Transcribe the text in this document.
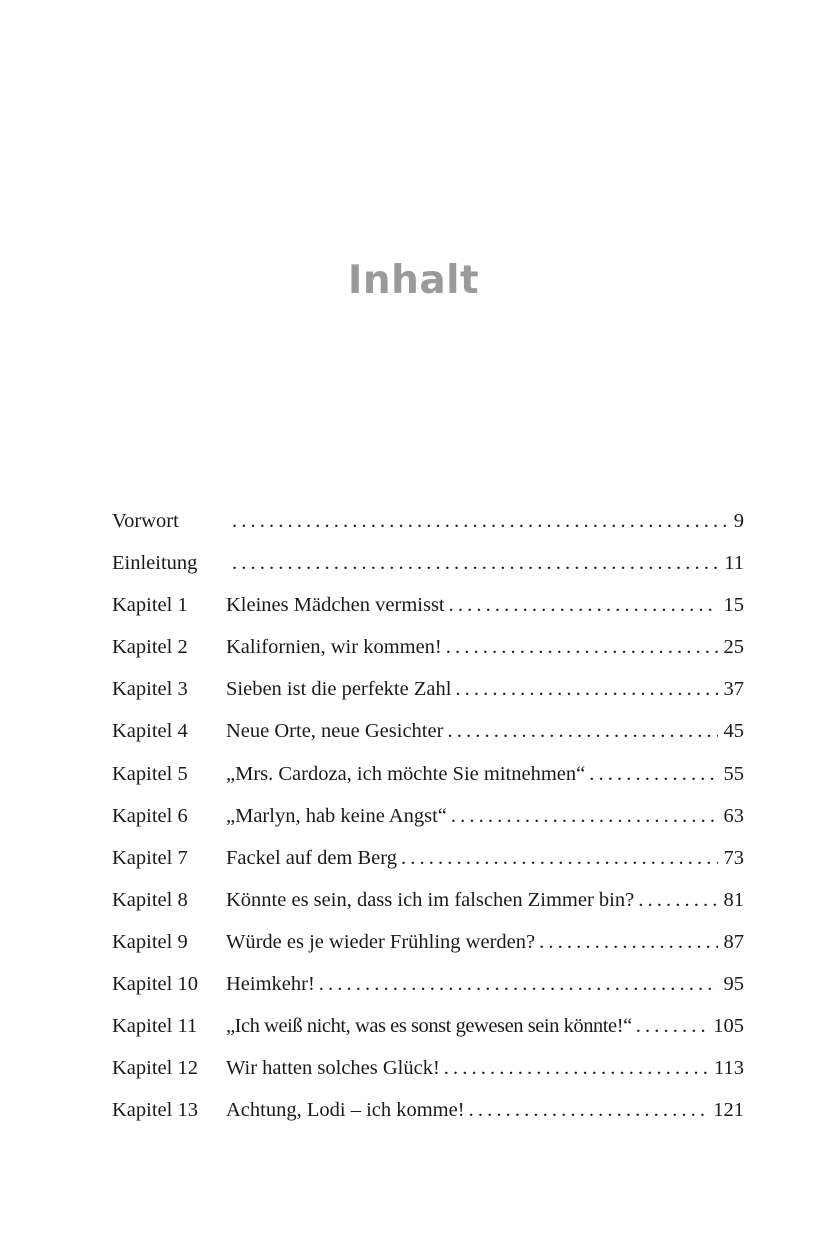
Inhalt
Vorwort . . .	9
Einleitung . . .	11
Kapitel 1	Kleines Mädchen vermisst . . .	15
Kapitel 2	Kalifornien, wir kommen! . . .	25
Kapitel 3	Sieben ist die perfekte Zahl . . .	37
Kapitel 4	Neue Orte, neue Gesichter . . .	45
Kapitel 5	„Mrs. Cardoza, ich möchte Sie mitnehmen“ . . .	55
Kapitel 6	„Marlyn, hab keine Angst“ . . .	63
Kapitel 7	Fackel auf dem Berg . . .	73
Kapitel 8	Könnte es sein, dass ich im falschen Zimmer bin? . . .	81
Kapitel 9	Würde es je wieder Frühling werden? . . .	87
Kapitel 10	Heimkehr! . . .	95
Kapitel 11	„Ich weiß nicht, was es sonst gewesen sein könnte!“ . . .	105
Kapitel 12	Wir hatten solches Glück! . . .	113
Kapitel 13	Achtung, Lodi – ich komme! . . .	121
